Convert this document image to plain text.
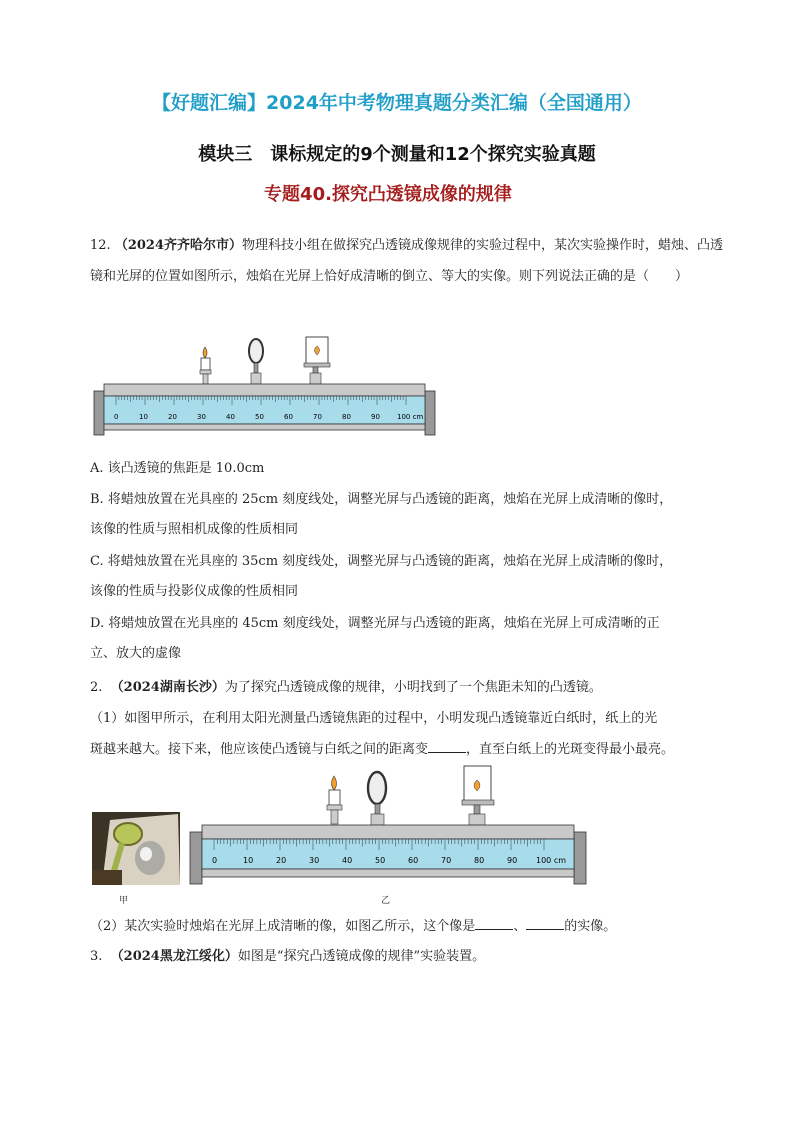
【好题汇编】2024年中考物理真题分类汇编（全国通用）
模块三　课标规定的9个测量和12个探究实验真题
专题40.探究凸透镜成像的规律
12. （2024齐齐哈尔市）物理科技小组在做探究凸透镜成像规律的实验过程中，某次实验操作时，蜡烛、凸透镜和光屏的位置如图所示，烛焰在光屏上恰好成清晰的倒立、等大的实像。则下列说法正确的是（　　）
0	10	20	30	40	50	60	70	80	90 100 cm
A. 该凸透镜的焦距是 10.0cm
B. 将蜡烛放置在光具座的 25cm 刻度线处，调整光屏与凸透镜的距离，烛焰在光屏上成清晰的像时，
该像的性质与照相机成像的性质相同
C. 将蜡烛放置在光具座的 35cm 刻度线处，调整光屏与凸透镜的距离，烛焰在光屏上成清晰的像时，
该像的性质与投影仪成像的性质相同
D. 将蜡烛放置在光具座的 45cm 刻度线处，调整光屏与凸透镜的距离，烛焰在光屏上可成清晰的正
立、放大的虚像
2. （2024湖南长沙）为了探究凸透镜成像的规律，小明找到了一个焦距未知的凸透镜。
（1）如图甲所示，在利用太阳光测量凸透镜焦距的过程中，小明发现凸透镜靠近白纸时，纸上的光
斑越来越大。接下来，他应该使凸透镜与白纸之间的距离变	，直至白纸上的光斑变得最小最亮。
甲
0	10	20	30	40	50	60	70	80	90 100 cm
乙
（2）某次实验时烛焰在光屏上成清晰的像，如图乙所示，这个像是	、	的实像。
3. （2024黑龙江绥化）如图是“探究凸透镜成像的规律”实验装置。
